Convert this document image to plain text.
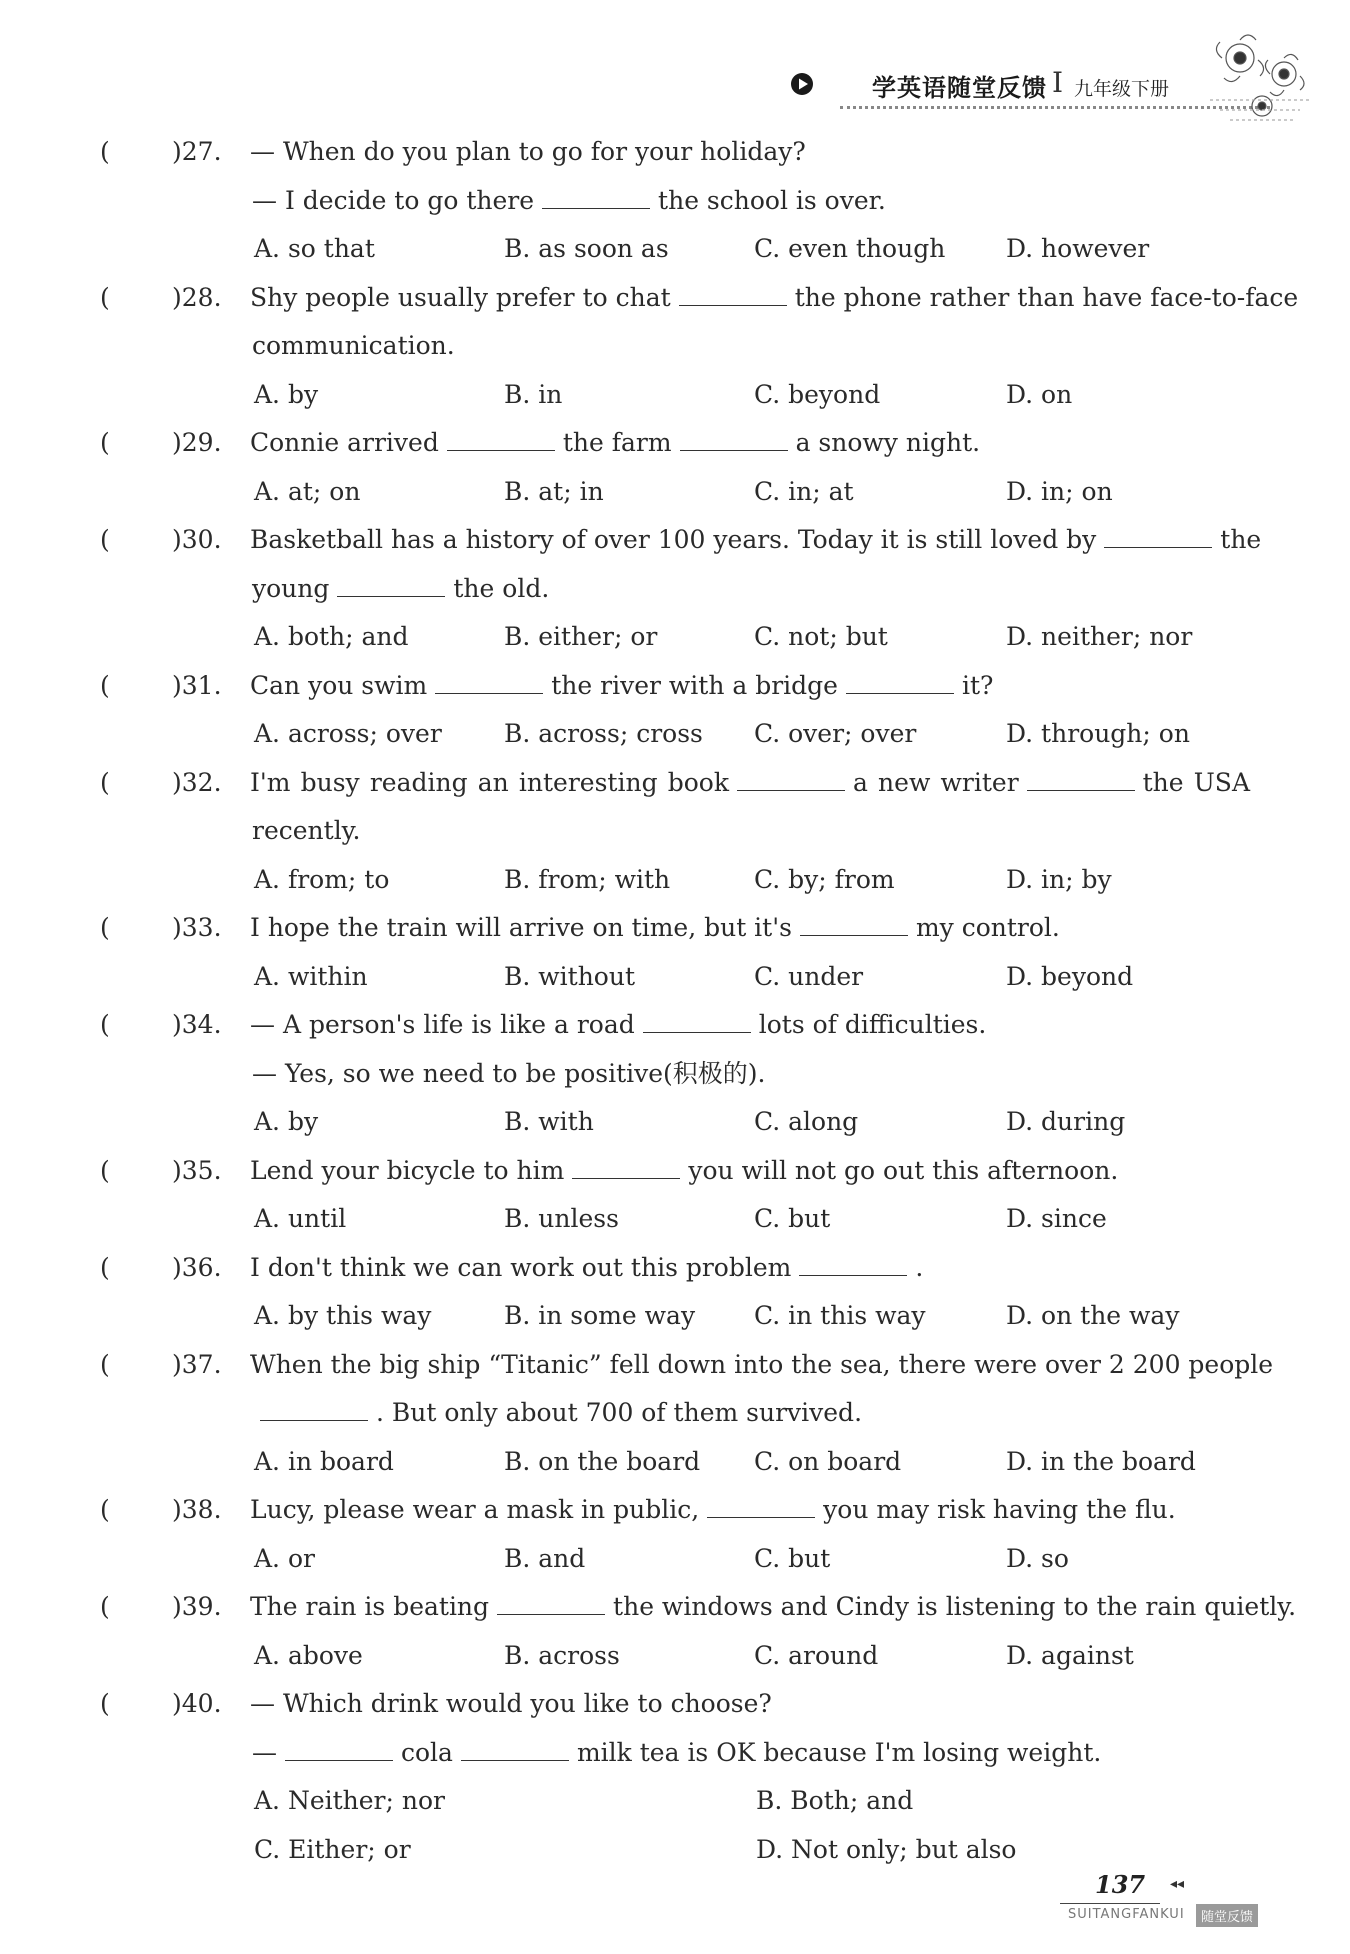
学英语随堂反馈 I 九年级下册
( )27. — When do you plan to go for your holiday?
— I decide to go there	the school is over.
A. so that	B. as soon as	C. even though D. however
( )28. Shy people usually prefer to chat	the phone rather than have face-to-face
communication.
A. by	B. in	C. beyond	D. on
( )29. Connie arrived	the farm	a snowy night.
A. at; on	B. at; in	C. in; at	D. in; on
( )30. Basketball has a history of over 100 years. Today it is still loved by	the
young	the old.
A. both; and	B. either; or	C. not; but	D. neither; nor
( )31. Can you swim	the river with a bridge	it?
A. across; over B. across; cross C. over; over	D. through; on
( )32. I'm busy reading an interesting book	a new writer	the USA
recently.
A. from; to	B. from; with	C. by; from	D. in; by
( )33. I hope the train will arrive on time, but it's	my control.
A. within	B. without	C. under	D. beyond
( )34. — A person's life is like a road	lots of difficulties.
— Yes, so we need to be positive(积极的).
A. by	B. with	C. along	D. during
( )35. Lend your bicycle to him	you will not go out this afternoon.
A. until	B. unless	C. but	D. since
( )36. I don't think we can work out this problem	.
A. by this way	B. in some way C. in this way	D. on the way
( )37. When the big ship “Titanic” fell down into the sea, there were over 2 200 people
. But only about 700 of them survived.
A. in board	B. on the board C. on board	D. in the board
( )38. Lucy, please wear a mask in public,	you may risk having the flu.
A. or	B. and	C. but	D. so
( )39. The rain is beating	the windows and Cindy is listening to the rain quietly.
A. above	B. across	C. around	D. against
( )40. — Which drink would you like to choose?
—	cola	milk tea is OK because I'm losing weight.
A. Neither; nor	B. Both; and
C. Either; or	D. Not only; but also
137 ◂◂
SUITANGFANKUI	随堂反馈
